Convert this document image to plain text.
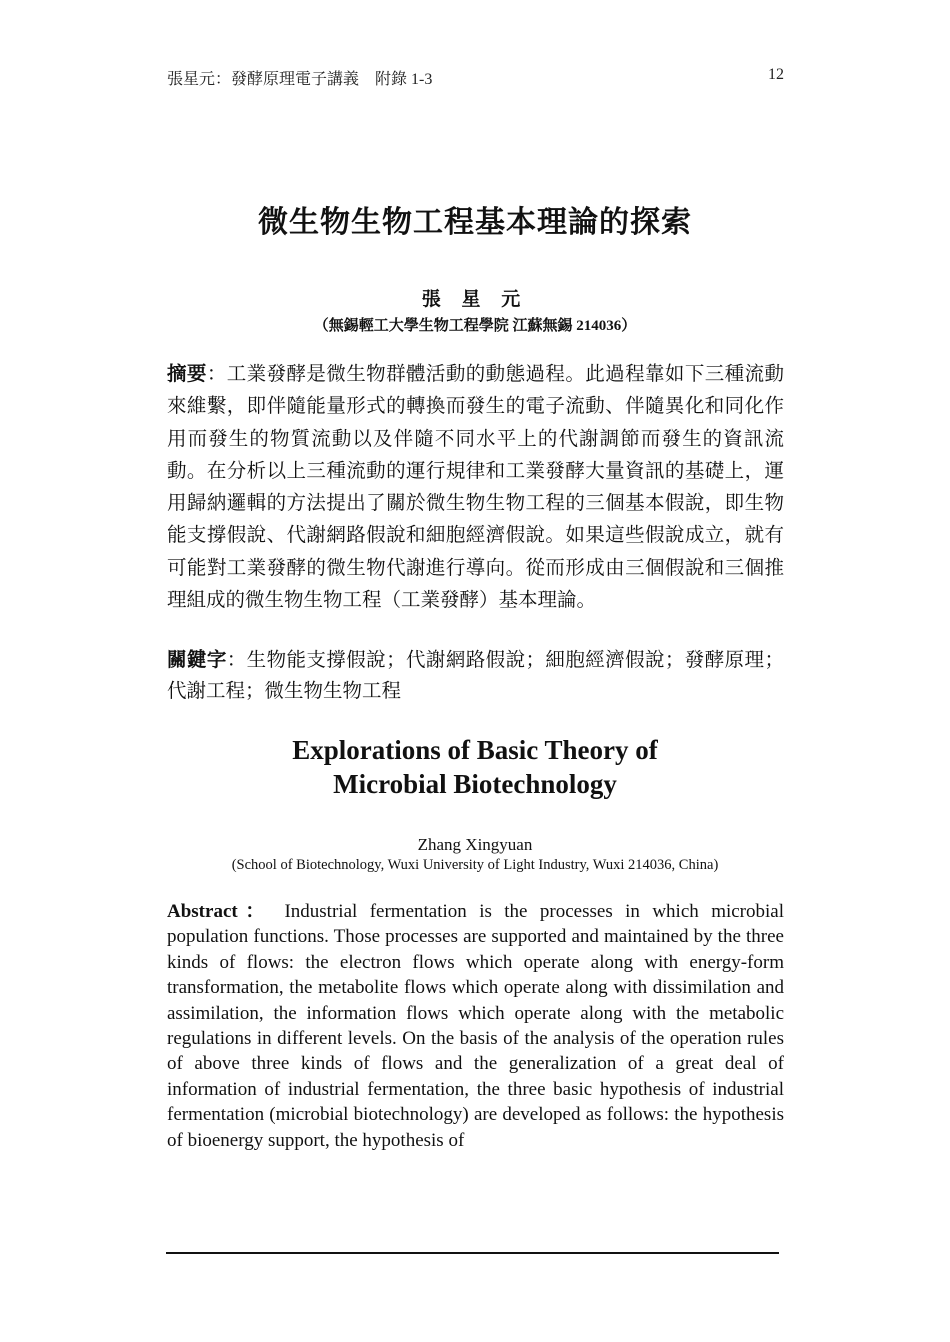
張星元：發酵原理電子講義　附錄 1-3	12
微生物生物工程基本理論的探索
張 星 元
（無錫輕工大學生物工程學院 江蘇無錫 214036）
摘要：工業發酵是微生物群體活動的動態過程。此過程靠如下三種流動來維繫，即伴隨能量形式的轉換而發生的電子流動、伴隨異化和同化作用而發生的物質流動以及伴隨不同水平上的代謝調節而發生的資訊流動。在分析以上三種流動的運行規律和工業發酵大量資訊的基礎上，運用歸納邏輯的方法提出了關於微生物生物工程的三個基本假說，即生物能支撐假說、代謝網路假說和細胞經濟假說。如果這些假說成立，就有可能對工業發酵的微生物代謝進行導向。從而形成由三個假說和三個推理組成的微生物生物工程（工業發酵）基本理論。
關鍵字：生物能支撐假說；代謝網路假說；細胞經濟假說；發酵原理；代謝工程；微生物生物工程
Explorations of Basic Theory of
Microbial Biotechnology
Zhang Xingyuan
(School of Biotechnology, Wuxi University of Light Industry, Wuxi 214036, China)
Abstract： Industrial fermentation is the processes in which microbial population functions. Those processes are supported and maintained by the three kinds of flows: the electron flows which operate along with energy-form transformation, the metabolite flows which operate along with dissimilation and assimilation, the information flows which operate along with the metabolic regulations in different levels. On the basis of the analysis of the operation rules of above three kinds of flows and the generalization of a great deal of information of industrial fermentation, the three basic hypothesis of industrial fermentation (microbial biotechnology) are developed as follows: the hypothesis of bioenergy support, the hypothesis of
